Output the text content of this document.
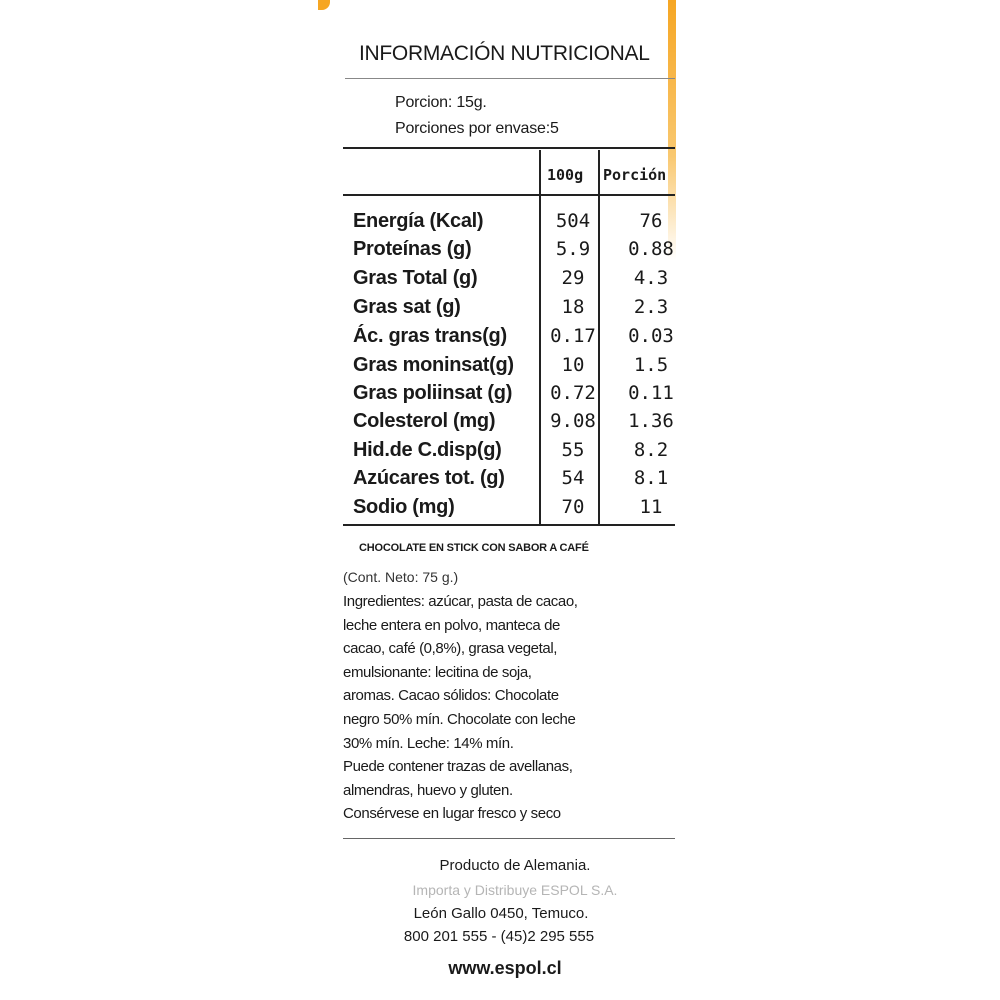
INFORMACIÓN NUTRICIONAL
Porcion: 15g.
Porciones por envase:5
100g Porción
Energía (Kcal)	504	76
Proteínas (g)	5.9	0.88
Gras Total (g)	29	4.3
Gras sat (g)	18	2.3
Ác. gras trans(g)	0.17	0.03
Gras moninsat(g)	10	1.5
Gras poliinsat (g)	0.72	0.11
Colesterol (mg)	9.08	1.36
Hid.de C.disp(g)	55	8.2
Azúcares tot. (g)	54	8.1
Sodio (mg)	70	11
CHOCOLATE EN STICK CON SABOR A CAFÉ
(Cont. Neto: 75 g.)
Ingredientes: azúcar, pasta de cacao,
leche entera en polvo, manteca de
cacao, café (0,8%), grasa vegetal,
emulsionante: lecitina de soja,
aromas. Cacao sólidos: Chocolate
negro 50% mín. Chocolate con leche
30% mín. Leche: 14% mín.
Puede contener trazas de avellanas,
almendras, huevo y gluten.
Consérvese en lugar fresco y seco
Producto de Alemania.
Importa y Distribuye ESPOL S.A.
León Gallo 0450, Temuco.
800 201 555 - (45)2 295 555
www.espol.cl
